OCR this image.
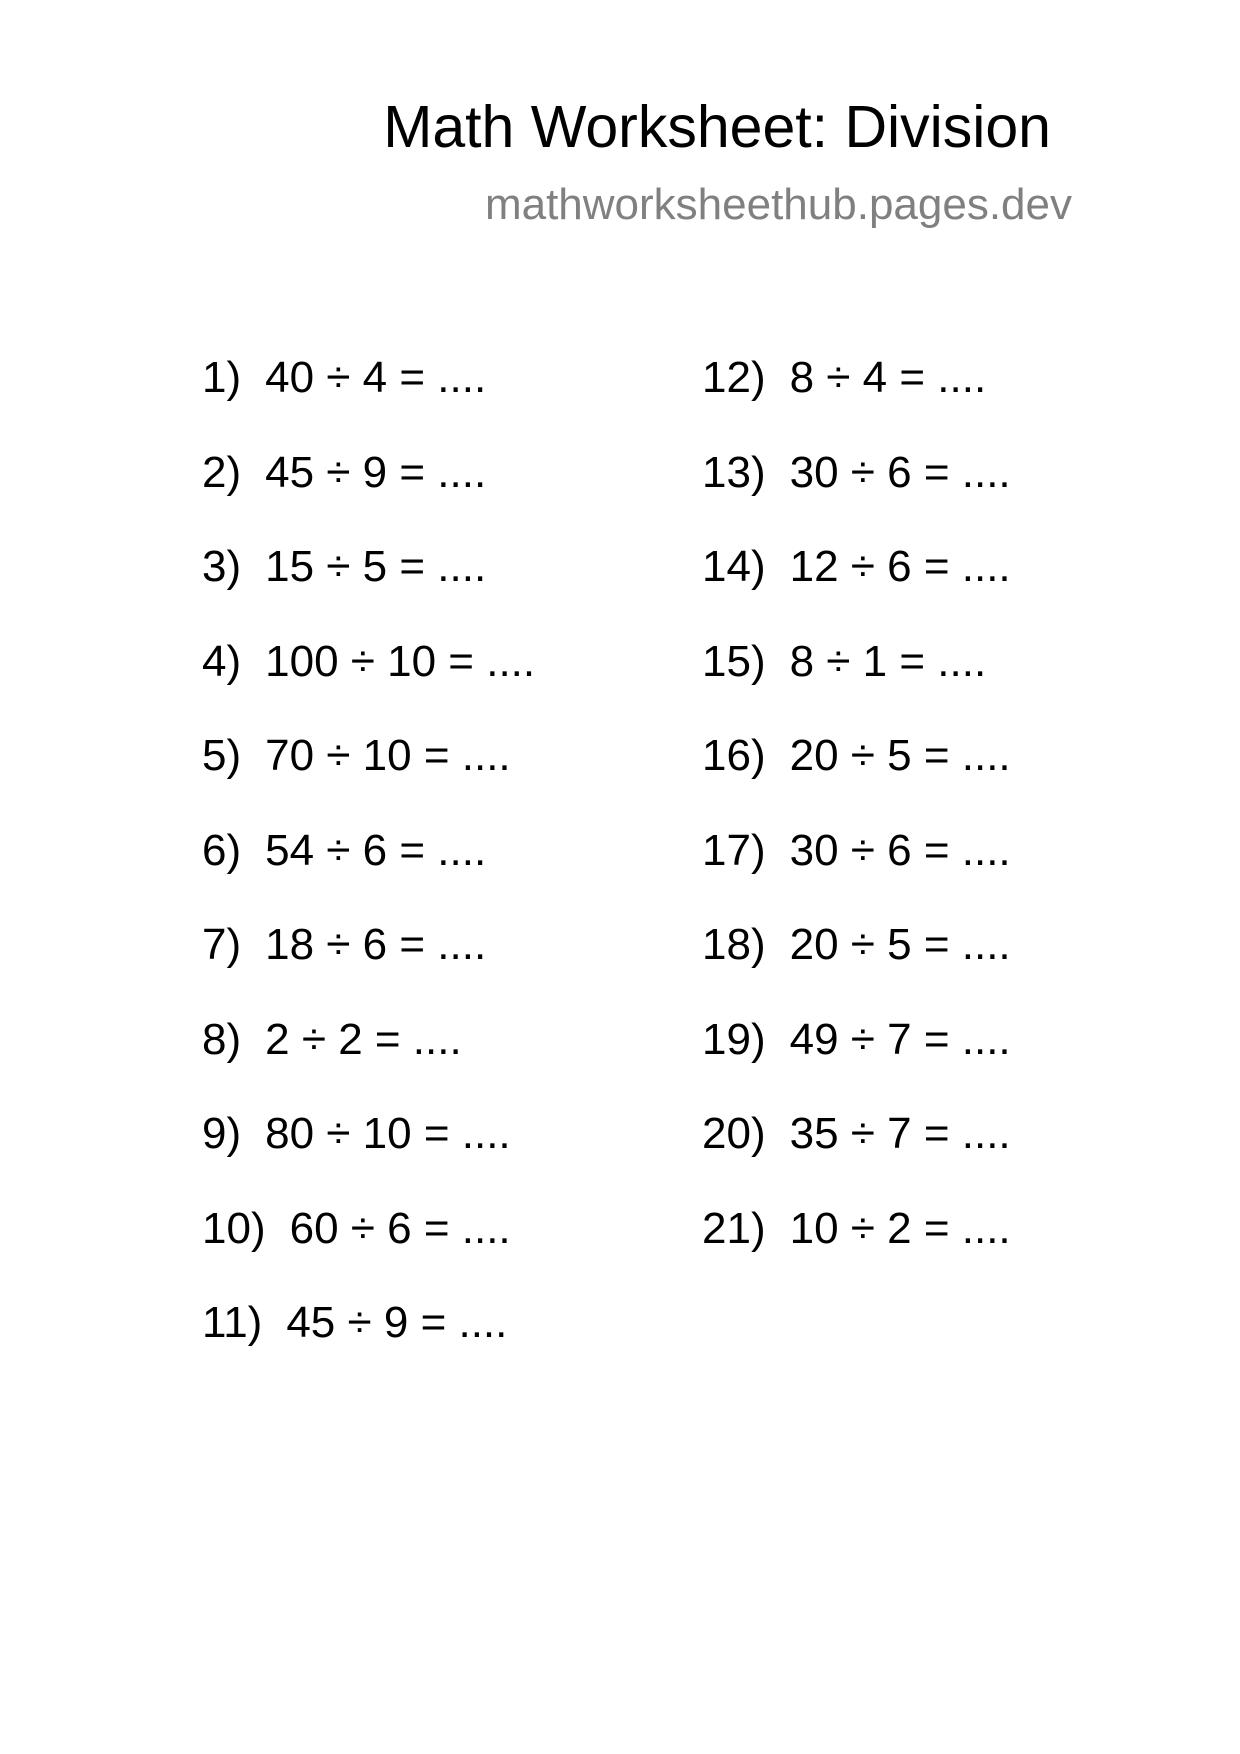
Math Worksheet: Division
mathworksheethub.pages.dev
1) 40 ÷ 4 = ....
2) 45 ÷ 9 = ....
3) 15 ÷ 5 = ....
4) 100 ÷ 10 = ....
5) 70 ÷ 10 = ....
6) 54 ÷ 6 = ....
7) 18 ÷ 6 = ....
8) 2 ÷ 2 = ....
9) 80 ÷ 10 = ....
10) 60 ÷ 6 = ....
11) 45 ÷ 9 = ....
12) 8 ÷ 4 = ....
13) 30 ÷ 6 = ....
14) 12 ÷ 6 = ....
15) 8 ÷ 1 = ....
16) 20 ÷ 5 = ....
17) 30 ÷ 6 = ....
18) 20 ÷ 5 = ....
19) 49 ÷ 7 = ....
20) 35 ÷ 7 = ....
21) 10 ÷ 2 = ....
